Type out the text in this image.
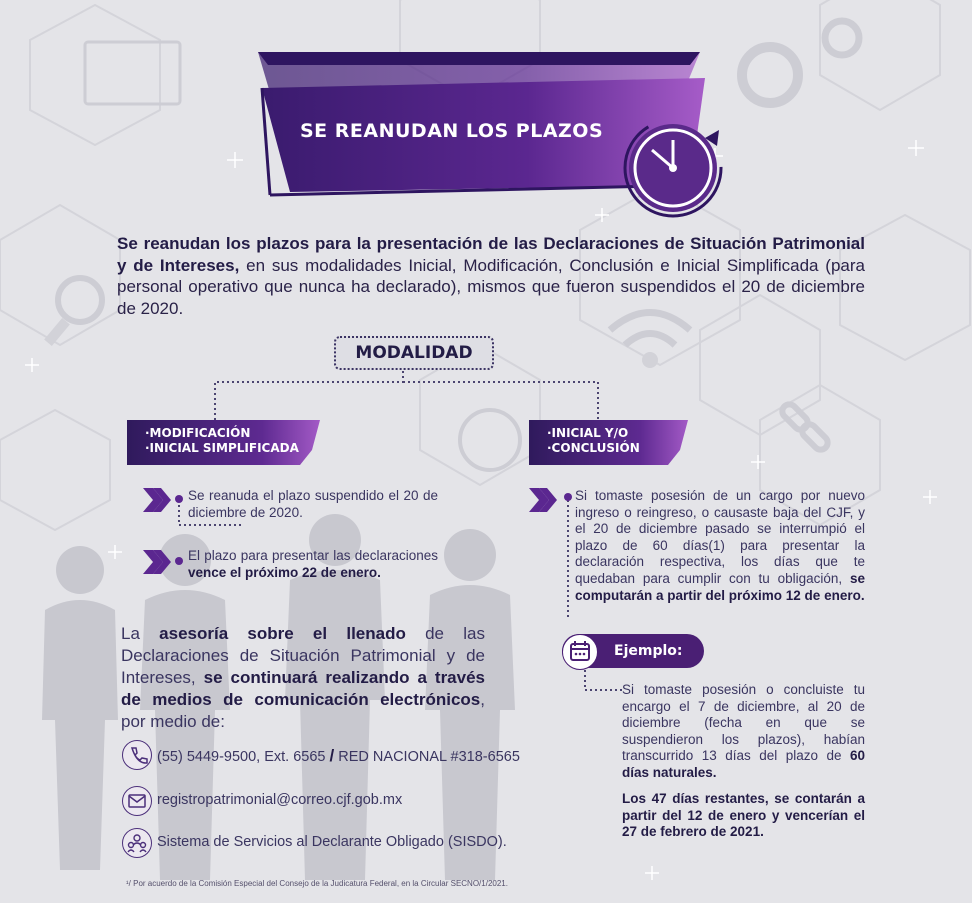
SE REANUDAN LOS PLAZOS
Se reanudan los plazos para la presentación de las Declaraciones de Situación Patrimonial y de Intereses, en sus modalidades Inicial, Modificación, Conclusión e Inicial Simplificada (para personal operativo que nunca ha declarado), mismos que fueron suspendidos el 20 de diciembre de 2020.
MODALIDAD
·MODIFICACIÓN
·INICIAL SIMPLIFICADA
·INICIAL Y/O
·CONCLUSIÓN
Se reanuda el plazo suspendido el 20 de diciembre de 2020.
El plazo para presentar las declaraciones vence el próximo 22 de enero.
Si tomaste posesión de un cargo por nuevo ingreso o reingreso, o causaste baja del CJF, y el 20 de diciembre pasado se interrumpió el plazo de 60 días(1) para presentar la declaración respectiva, los días que te quedaban para cumplir con tu obligación, se computarán a partir del próximo 12 de enero.
Ejemplo:
Si tomaste posesión o concluiste tu encargo el 7 de diciembre, al 20 de diciembre (fecha en que se suspendieron los plazos), habían transcurrido 13 días del plazo de 60 días naturales.
Los 47 días restantes, se contarán a partir del 12 de enero y vencerían el 27 de febrero de 2021.
La asesoría sobre el llenado de las Declaraciones de Situación Patrimonial y de Intereses, se continuará realizando a través de medios de comunicación electrónicos, por medio de:
(55) 5449-9500, Ext. 6565 / RED NACIONAL #318-6565
registropatrimonial@correo.cjf.gob.mx
Sistema de Servicios al Declarante Obligado (SISDO).
¹/ Por acuerdo de la Comisión Especial del Consejo de la Judicatura Federal, en la Circular SECNO/1/2021.
